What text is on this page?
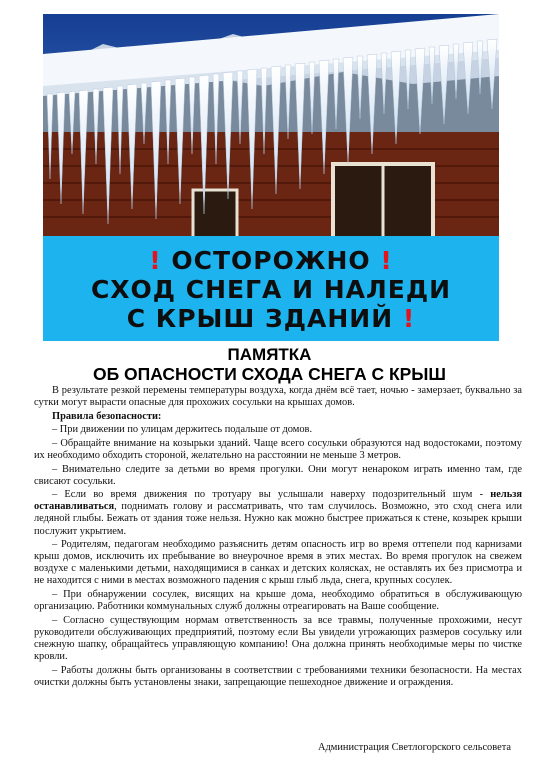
! ОСТОРОЖНО !
СХОД СНЕГА И НАЛЕДИ
С КРЫШ ЗДАНИЙ !
ПАМЯТКА
ОБ ОПАСНОСТИ СХОДА СНЕГА С КРЫШ

В результате резкой перемены температуры воздуха, когда днём всё тает, ночью - замерзает, буквально за сутки могут вырасти опасные для прохожих сосульки на крышах домов.

Правила безопасности:

– При движении по улицам держитесь подальше от домов.

– Обращайте внимание на козырьки зданий. Чаще всего сосульки образуются над водостоками, поэтому их необходимо обходить стороной, желательно на расстоянии не меньше 3 метров.

– Внимательно следите за детьми во время прогулки. Они могут ненароком играть именно там, где свисают сосульки.

– Если во время движения по тротуару вы услышали наверху подозрительный шум - нельзя останавливаться, поднимать голову и рассматривать, что там случилось. Возможно, это сход снега или ледяной глыбы. Бежать от здания тоже нельзя. Нужно как можно быстрее прижаться к стене, козырек крыши послужит укрытием.

– Родителям, педагогам необходимо разъяснить детям опасность игр во время оттепели под карнизами крыш домов, исключить их пребывание во внеурочное время в этих местах. Во время прогулок на свежем воздухе с маленькими детьми, находящимися в санках и детских колясках, не оставлять их без присмотра и не находится с ними в местах возможного падения с крыш глыб льда, снега, крупных сосулек.

– При обнаружении сосулек, висящих на крыше дома, необходимо обратиться в обслуживающую организацию. Работники коммунальных служб должны отреагировать на Ваше сообщение.

– Согласно существующим нормам ответственность за все травмы, полученные прохожими, несут руководители обслуживающих предприятий, поэтому если Вы увидели угрожающих размеров сосульку или снежную шапку, обращайтесь управляющую компанию! Она должна принять необходимые меры по чистке кровли.

– Работы должны быть организованы в соответствии с требованиями техники безопасности. На местах очистки должны быть установлены знаки, запрещающие пешеходное движение и ограждения.

Администрация Светлогорского сельсовета
